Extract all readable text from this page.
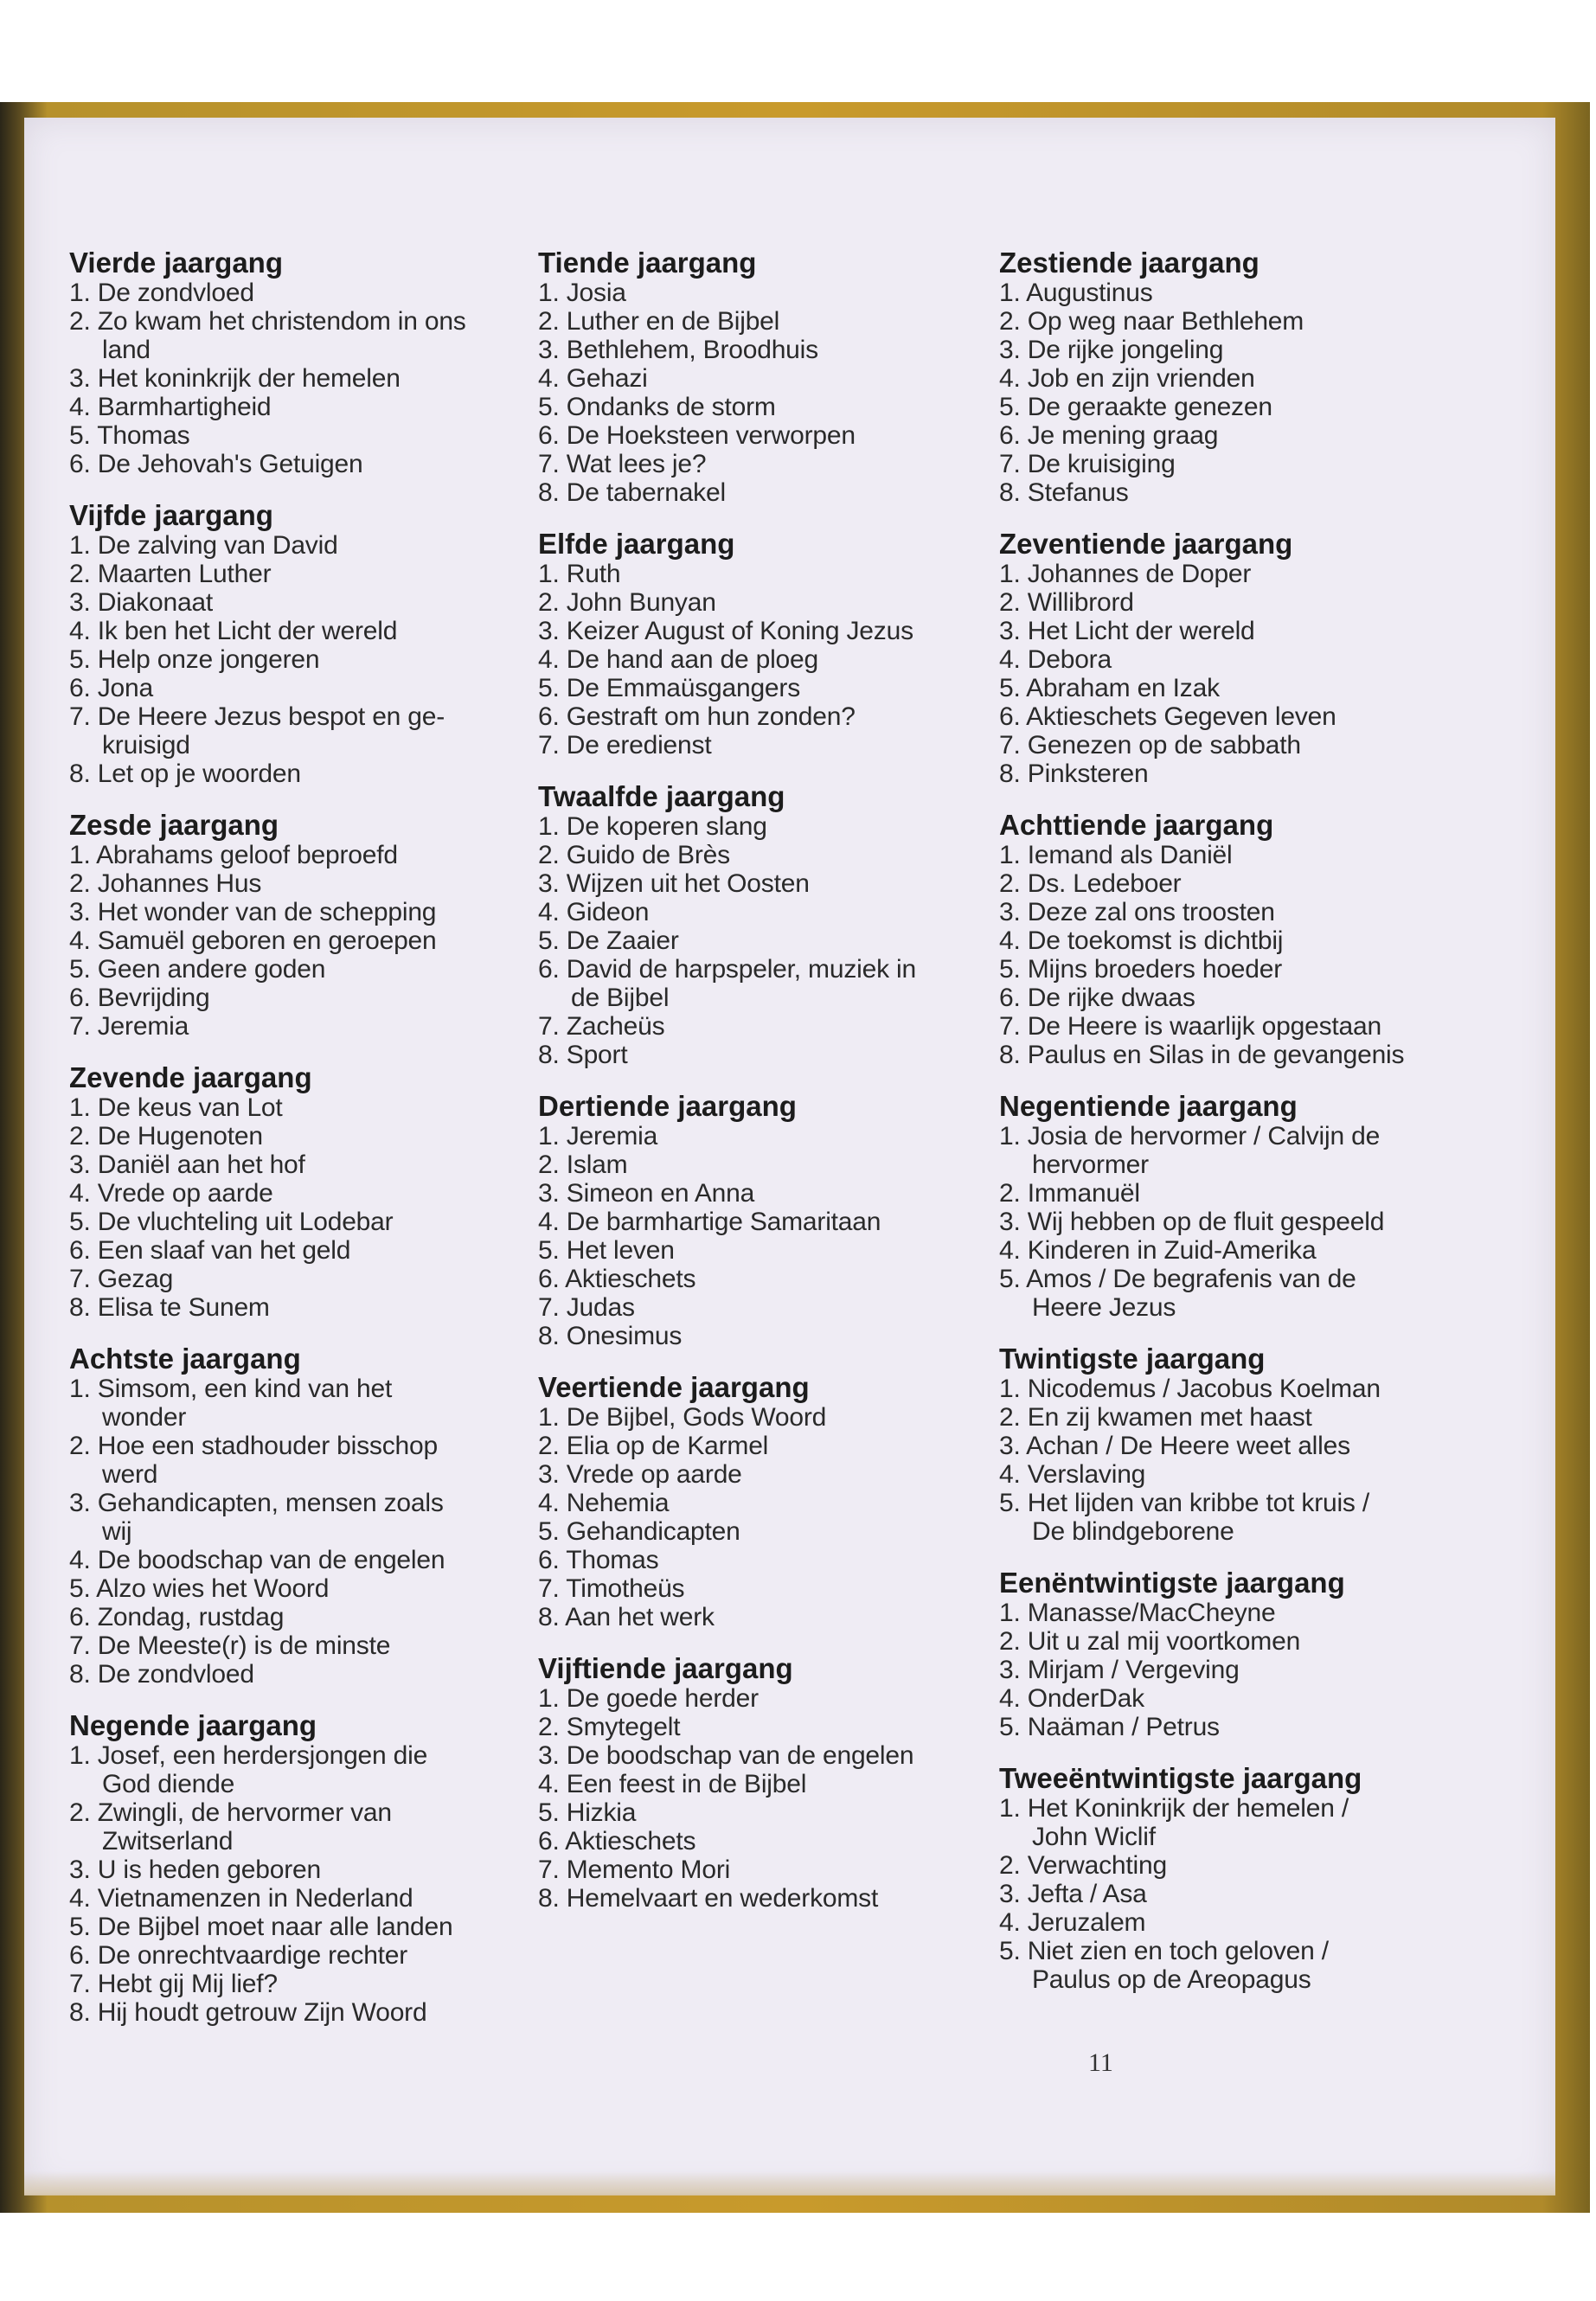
Vierde jaargang
1. De zondvloed
2. Zo kwam het christendom in ons
land
3. Het koninkrijk der hemelen
4. Barmhartigheid
5. Thomas
6. De Jehovah's Getuigen
Vijfde jaargang
1. De zalving van David
2. Maarten Luther
3. Diakonaat
4. Ik ben het Licht der wereld
5. Help onze jongeren
6. Jona
7. De Heere Jezus bespot en ge-
kruisigd
8. Let op je woorden
Zesde jaargang
1. Abrahams geloof beproefd
2. Johannes Hus
3. Het wonder van de schepping
4. Samuël geboren en geroepen
5. Geen andere goden
6. Bevrijding
7. Jeremia
Zevende jaargang
1. De keus van Lot
2. De Hugenoten
3. Daniël aan het hof
4. Vrede op aarde
5. De vluchteling uit Lodebar
6. Een slaaf van het geld
7. Gezag
8. Elisa te Sunem
Achtste jaargang
1. Simsom, een kind van het
wonder
2. Hoe een stadhouder bisschop
werd
3. Gehandicapten, mensen zoals
wij
4. De boodschap van de engelen
5. Alzo wies het Woord
6. Zondag, rustdag
7. De Meeste(r) is de minste
8. De zondvloed
Negende jaargang
1. Josef, een herdersjongen die
God diende
2. Zwingli, de hervormer van
Zwitserland
3. U is heden geboren
4. Vietnamenzen in Nederland
5. De Bijbel moet naar alle landen
6. De onrechtvaardige rechter
7. Hebt gij Mij lief?
8. Hij houdt getrouw Zijn Woord
Tiende jaargang
1. Josia
2. Luther en de Bijbel
3. Bethlehem, Broodhuis
4. Gehazi
5. Ondanks de storm
6. De Hoeksteen verworpen
7. Wat lees je?
8. De tabernakel
Elfde jaargang
1. Ruth
2. John Bunyan
3. Keizer August of Koning Jezus
4. De hand aan de ploeg
5. De Emmaüsgangers
6. Gestraft om hun zonden?
7. De eredienst
Twaalfde jaargang
1. De koperen slang
2. Guido de Brès
3. Wijzen uit het Oosten
4. Gideon
5. De Zaaier
6. David de harpspeler, muziek in
de Bijbel
7. Zacheüs
8. Sport
Dertiende jaargang
1. Jeremia
2. Islam
3. Simeon en Anna
4. De barmhartige Samaritaan
5. Het leven
6. Aktieschets
7. Judas
8. Onesimus
Veertiende jaargang
1. De Bijbel, Gods Woord
2. Elia op de Karmel
3. Vrede op aarde
4. Nehemia
5. Gehandicapten
6. Thomas
7. Timotheüs
8. Aan het werk
Vijftiende jaargang
1. De goede herder
2. Smytegelt
3. De boodschap van de engelen
4. Een feest in de Bijbel
5. Hizkia
6. Aktieschets
7. Memento Mori
8. Hemelvaart en wederkomst
Zestiende jaargang
1. Augustinus
2. Op weg naar Bethlehem
3. De rijke jongeling
4. Job en zijn vrienden
5. De geraakte genezen
6. Je mening graag
7. De kruisiging
8. Stefanus
Zeventiende jaargang
1. Johannes de Doper
2. Willibrord
3. Het Licht der wereld
4. Debora
5. Abraham en Izak
6. Aktieschets Gegeven leven
7. Genezen op de sabbath
8. Pinksteren
Achttiende jaargang
1. Iemand als Daniël
2. Ds. Ledeboer
3. Deze zal ons troosten
4. De toekomst is dichtbij
5. Mijns broeders hoeder
6. De rijke dwaas
7. De Heere is waarlijk opgestaan
8. Paulus en Silas in de gevangenis
Negentiende jaargang
1. Josia de hervormer / Calvijn de
hervormer
2. Immanuël
3. Wij hebben op de fluit gespeeld
4. Kinderen in Zuid-Amerika
5. Amos / De begrafenis van de
Heere Jezus
Twintigste jaargang
1. Nicodemus / Jacobus Koelman
2. En zij kwamen met haast
3. Achan / De Heere weet alles
4. Verslaving
5. Het lijden van kribbe tot kruis /
De blindgeborene
Eenëntwintigste jaargang
1. Manasse/MacCheyne
2. Uit u zal mij voortkomen
3. Mirjam / Vergeving
4. OnderDak
5. Naäman / Petrus
Tweeëntwintigste jaargang
1. Het Koninkrijk der hemelen /
John Wiclif
2. Verwachting
3. Jefta / Asa
4. Jeruzalem
5. Niet zien en toch geloven /
Paulus op de Areopagus
11
